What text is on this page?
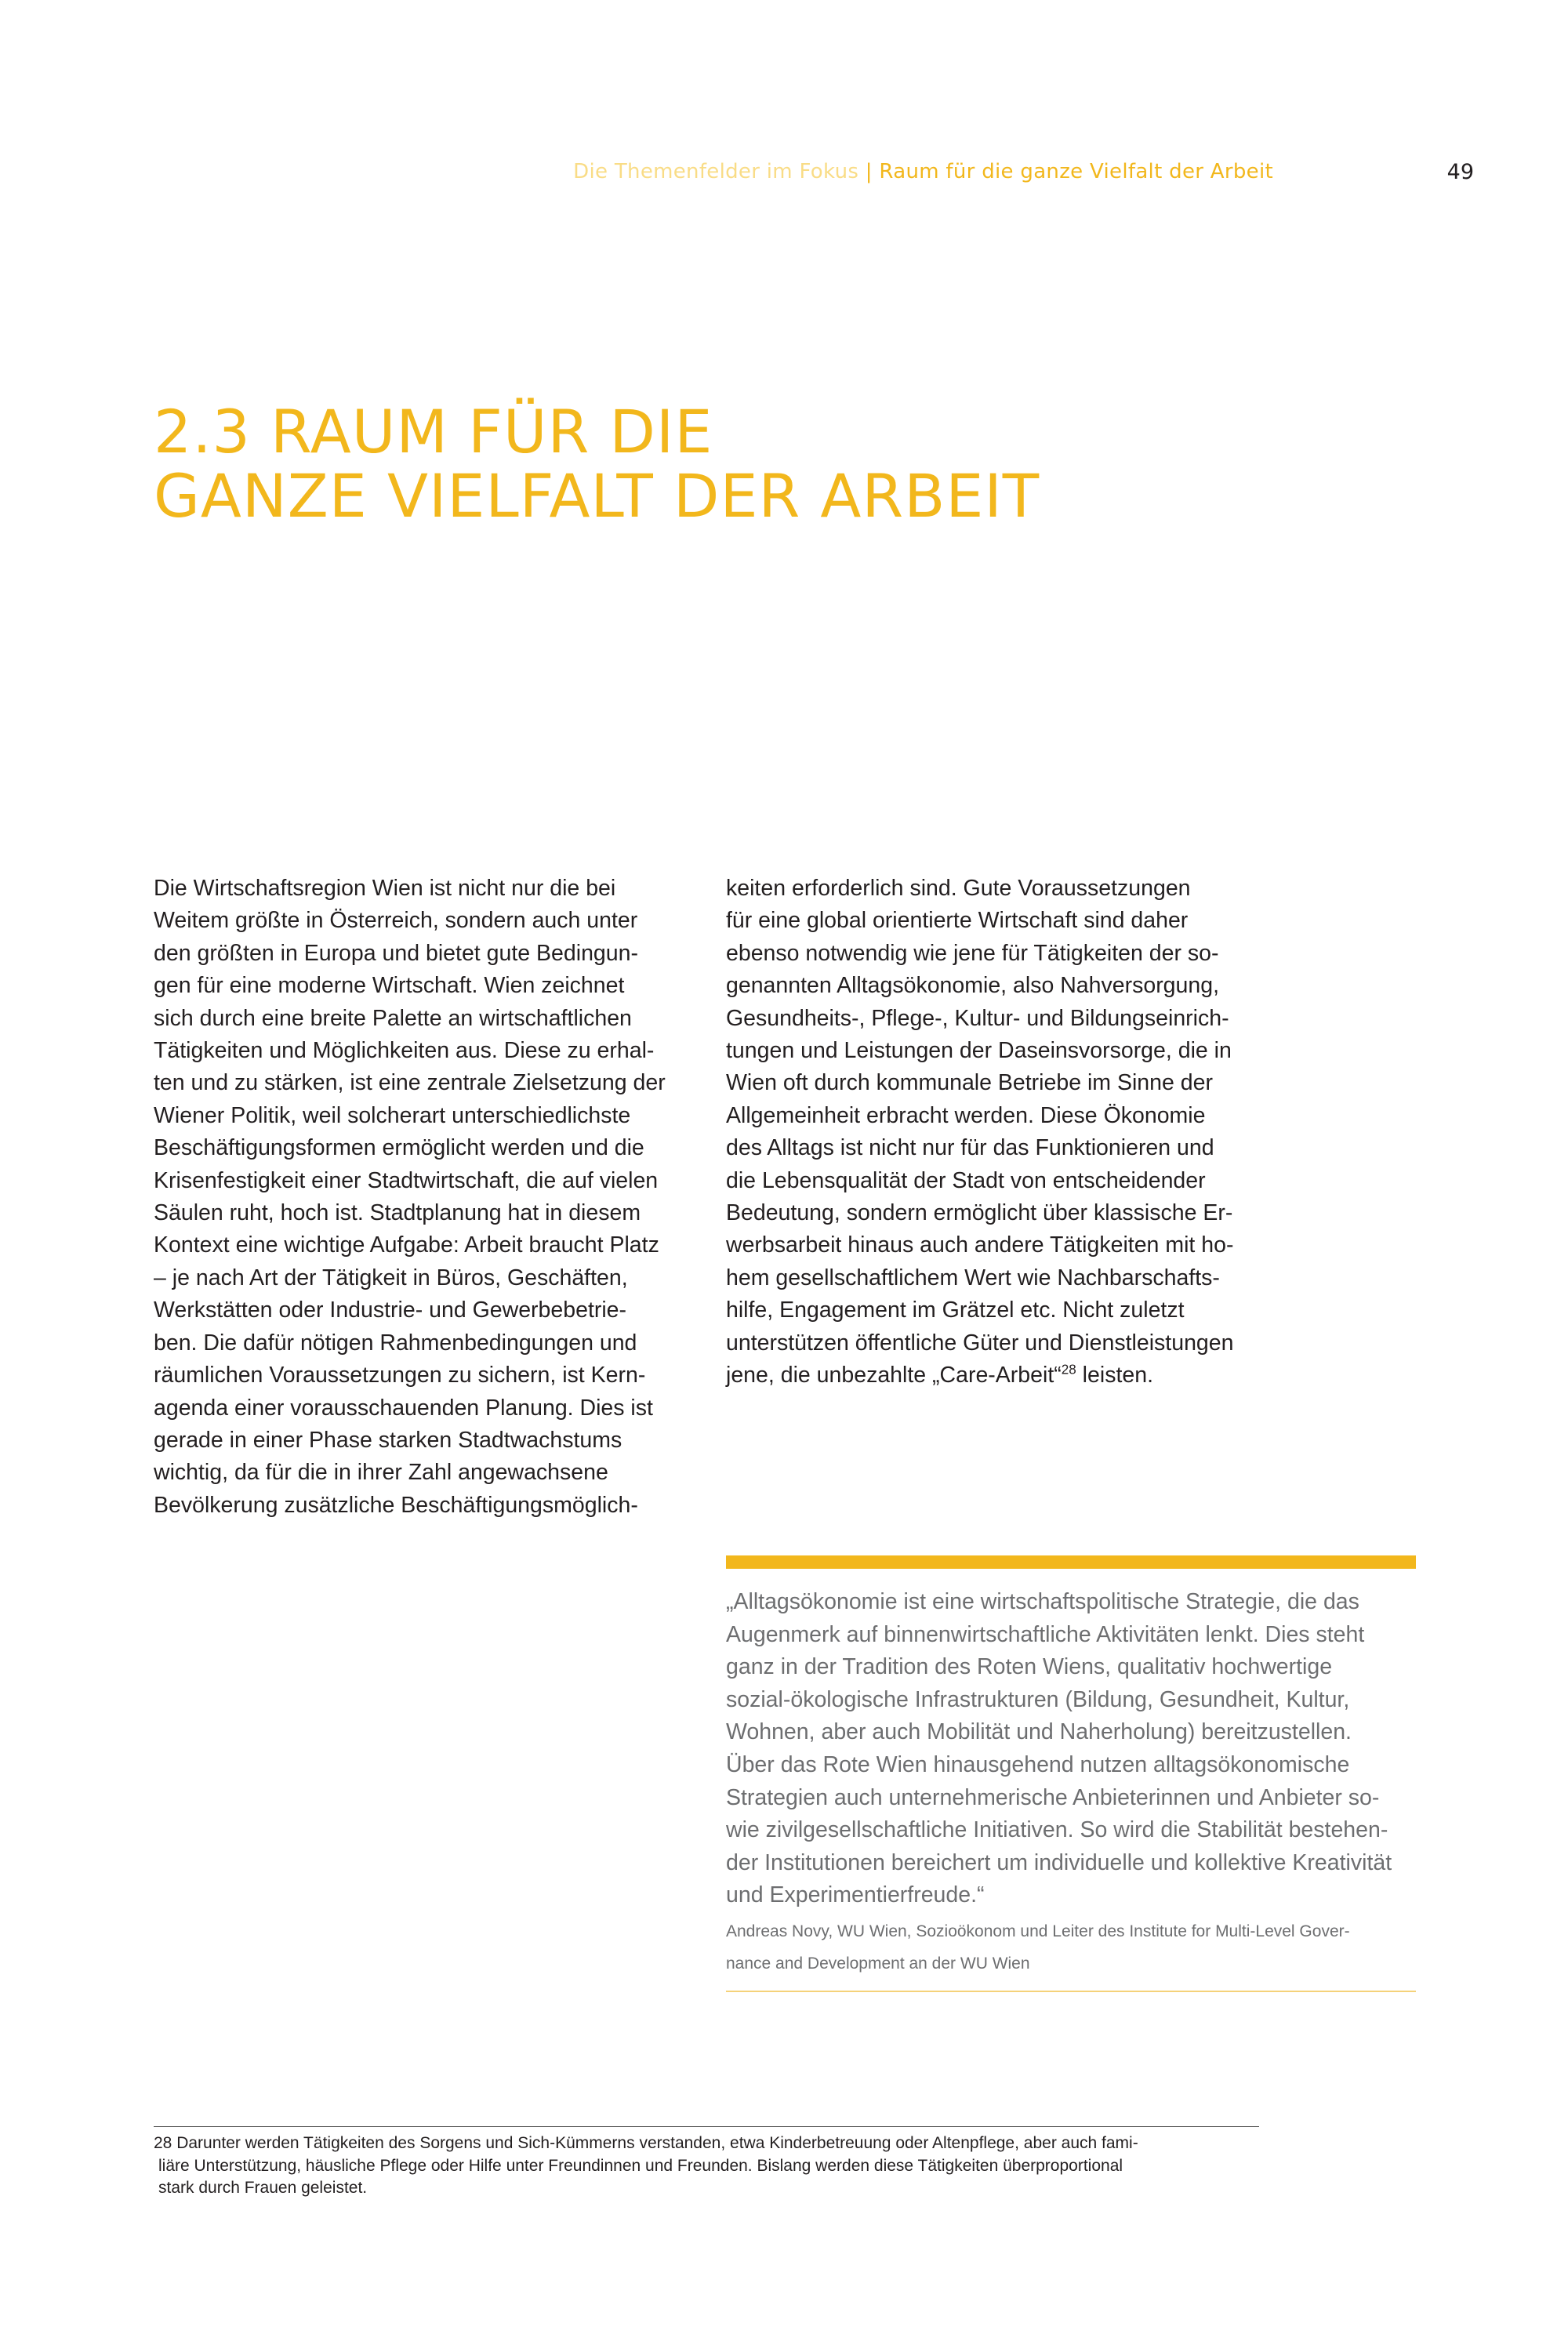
Die Themenfelder im Fokus | Raum für die ganze Vielfalt der Arbeit	49
2.3 RAUM FÜR DIE
GANZE VIELFALT DER ARBEIT
Die Wirtschaftsregion Wien ist nicht nur die bei
Weitem größte in Österreich, sondern auch unter
den größten in Europa und bietet gute Bedingun-
gen für eine moderne Wirtschaft. Wien zeichnet
sich durch eine breite Palette an wirtschaftlichen
Tätigkeiten und Möglichkeiten aus. Diese zu erhal-
ten und zu stärken, ist eine zentrale Zielsetzung der
Wiener Politik, weil solcherart unterschiedlichste
Beschäftigungsformen ermöglicht werden und die
Krisenfestigkeit einer Stadtwirtschaft, die auf vielen
Säulen ruht, hoch ist. Stadtplanung hat in diesem
Kontext eine wichtige Aufgabe: Arbeit braucht Platz
– je nach Art der Tätigkeit in Büros, Geschäften,
Werkstätten oder Industrie- und Gewerbebetrie-
ben. Die dafür nötigen Rahmenbedingungen und
räumlichen Voraussetzungen zu sichern, ist Kern-
agenda einer vorausschauenden Planung. Dies ist
gerade in einer Phase starken Stadtwachstums
wichtig, da für die in ihrer Zahl angewachsene
Bevölkerung zusätzliche Beschäftigungsmöglich-
keiten erforderlich sind. Gute Voraussetzungen
für eine global orientierte Wirtschaft sind daher
ebenso notwendig wie jene für Tätigkeiten der so-
genannten Alltagsökonomie, also Nahversorgung,
Gesundheits-, Pflege-, Kultur- und Bildungseinrich-
tungen und Leistungen der Daseinsvorsorge, die in
Wien oft durch kommunale Betriebe im Sinne der
Allgemeinheit erbracht werden. Diese Ökonomie
des Alltags ist nicht nur für das Funktionieren und
die Lebensqualität der Stadt von entscheidender
Bedeutung, sondern ermöglicht über klassische Er-
werbsarbeit hinaus auch andere Tätigkeiten mit ho-
hem gesellschaftlichem Wert wie Nachbarschafts-
hilfe, Engagement im Grätzel etc. Nicht zuletzt
unterstützen öffentliche Güter und Dienstleistungen
jene, die unbezahlte „Care-Arbeit“$^{28}$ leisten.
„Alltagsökonomie ist eine wirtschaftspolitische Strategie, die das
Augenmerk auf binnenwirtschaftliche Aktivitäten lenkt. Dies steht
ganz in der Tradition des Roten Wiens, qualitativ hochwertige
sozial-ökologische Infrastrukturen (Bildung, Gesundheit, Kultur,
Wohnen, aber auch Mobilität und Naherholung) bereitzustellen.
Über das Rote Wien hinausgehend nutzen alltagsökonomische
Strategien auch unternehmerische Anbieterinnen und Anbieter so-
wie zivilgesellschaftliche Initiativen. So wird die Stabilität bestehen-
der Institutionen bereichert um individuelle und kollektive Kreativität
und Experimentierfreude.“
Andreas Novy, WU Wien, Sozioökonom und Leiter des Institute for Multi-Level Gover-
nance and Development an der WU Wien
28 Darunter werden Tätigkeiten des Sorgens und Sich-Kümmerns verstanden, etwa Kinderbetreuung oder Altenpflege, aber auch fami-
liäre Unterstützung, häusliche Pflege oder Hilfe unter Freundinnen und Freunden. Bislang werden diese Tätigkeiten überproportional
stark durch Frauen geleistet.
